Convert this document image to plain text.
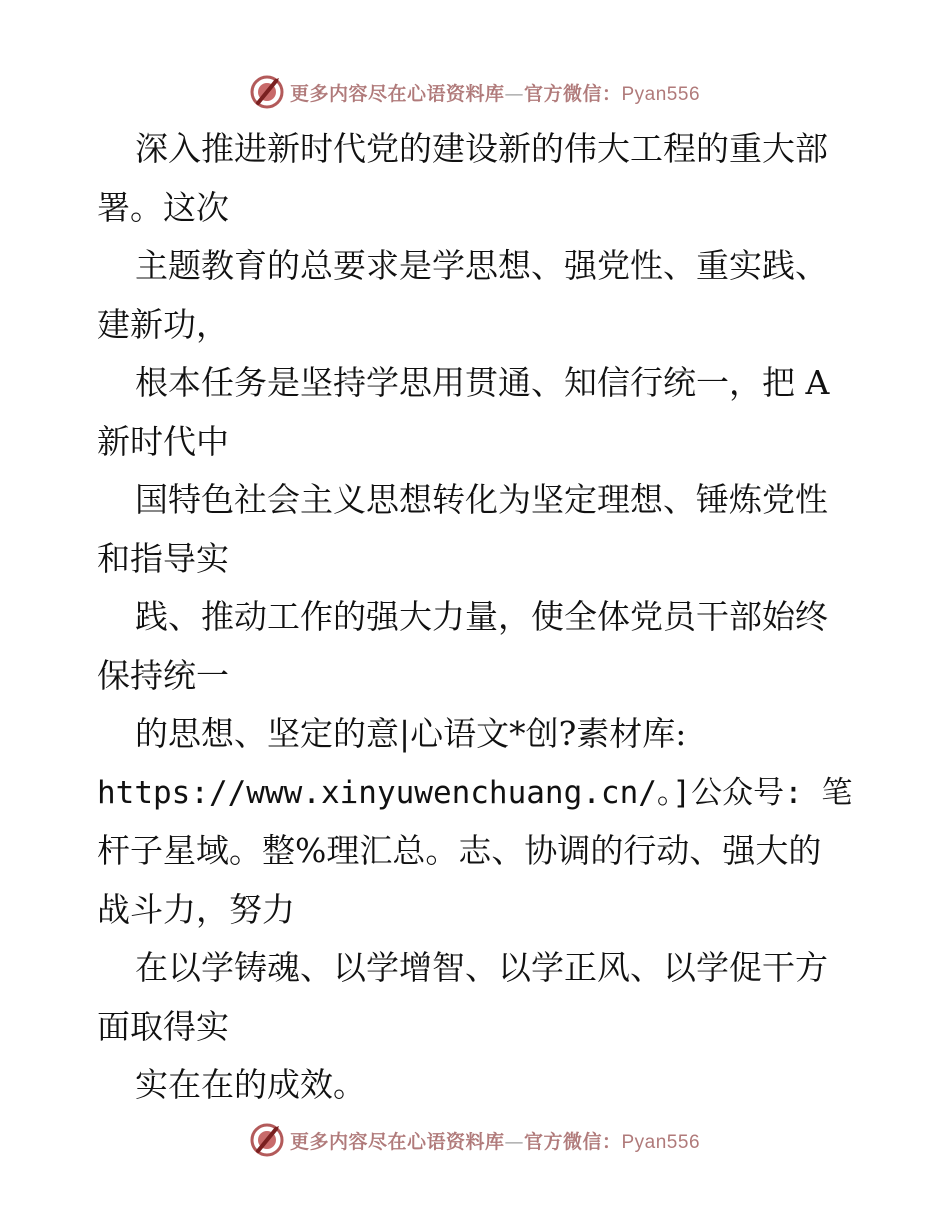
更多内容尽在心语资料库—官方微信：Pyan556
深入推进新时代党的建设新的伟大工程的重大部
署。这次
主题教育的总要求是学思想、强党性、重实践、
建新功，
根本任务是坚持学思用贯通、知信行统一，把 A
新时代中
国特色社会主义思想转化为坚定理想、锤炼党性
和指导实
践、推动工作的强大力量，使全体党员干部始终
保持统一
的思想、坚定的意|心语文*创?素材库:
https://www.xinyuwenchuang.cn/。]公众号: 笔
杆子星域。整%理汇总。志、协调的行动、强大的
战斗力，努力
在以学铸魂、以学增智、以学正风、以学促干方
面取得实
实在在的成效。
更多内容尽在心语资料库—官方微信：Pyan556
